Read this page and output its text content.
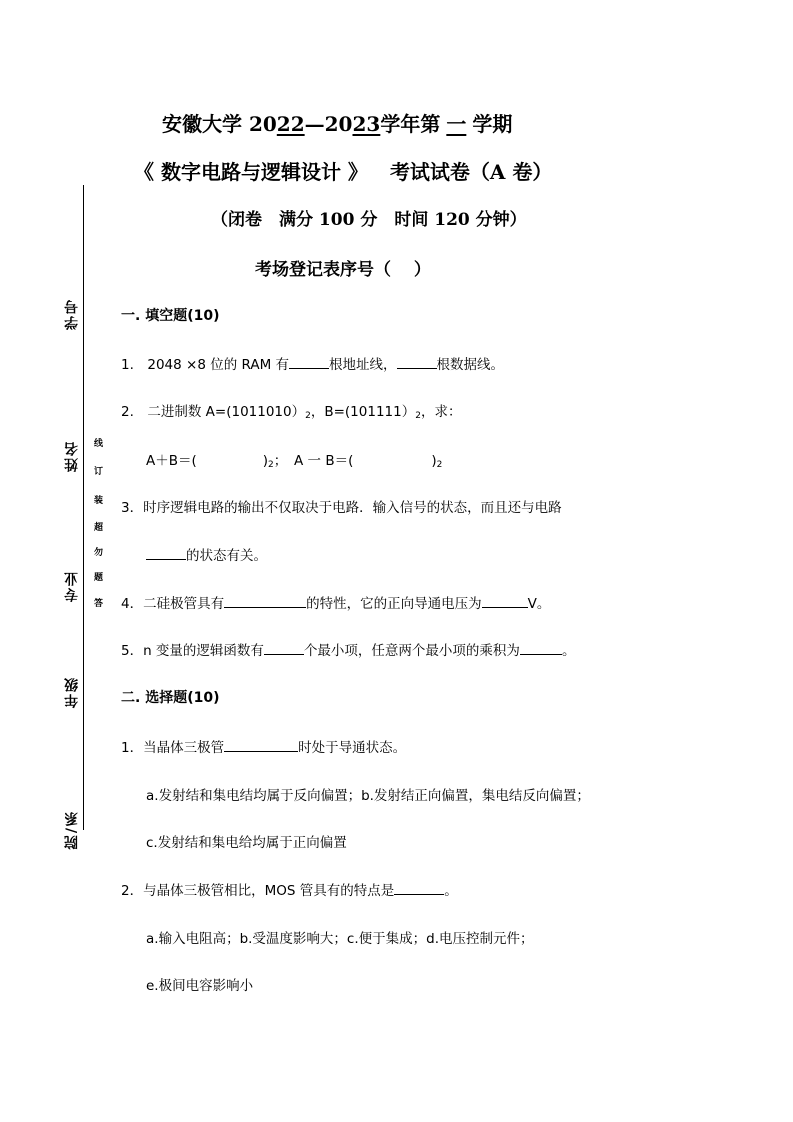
学号
姓名
专业
年级
院/系
线
订
装
超
勿
题
答
安徽大学 2022—2023学年第 一 学期
《 数字电路与逻辑设计 》 考试试卷（A 卷）
（闭卷　满分 100 分　时间 120 分钟）
考场登记表序号（　 ）
一. 填空题(10)
1.　2048 ×8 位的 RAM 有	根地址线，	根数据线。
2.　二进制数 $A=(1011010)_2$，$B=(101111)_2$，求：
A＋B＝(	)$_2$；　A 一 B＝(	)$_2$
3．时序逻辑电路的输出不仅取决于电路．输入信号的状态，而且还与电路
的状态有关。
4．二硅极管具有	的特性，它的正向导通电压为	V。
5．n 变量的逻辑函数有	个最小项，任意两个最小项的乘积为	。
二. 选择题(10)
1．当晶体三极管	时处于导通状态。
a.发射结和集电结均属于反向偏置；b.发射结正向偏置，集电结反向偏置；
c.发射结和集电给均属于正向偏置
2．与晶体三极管相比，MOS 管具有的特点是	。
a.输入电阻高；b.受温度影响大；c.便于集成；d.电压控制元件；
e.极间电容影响小
